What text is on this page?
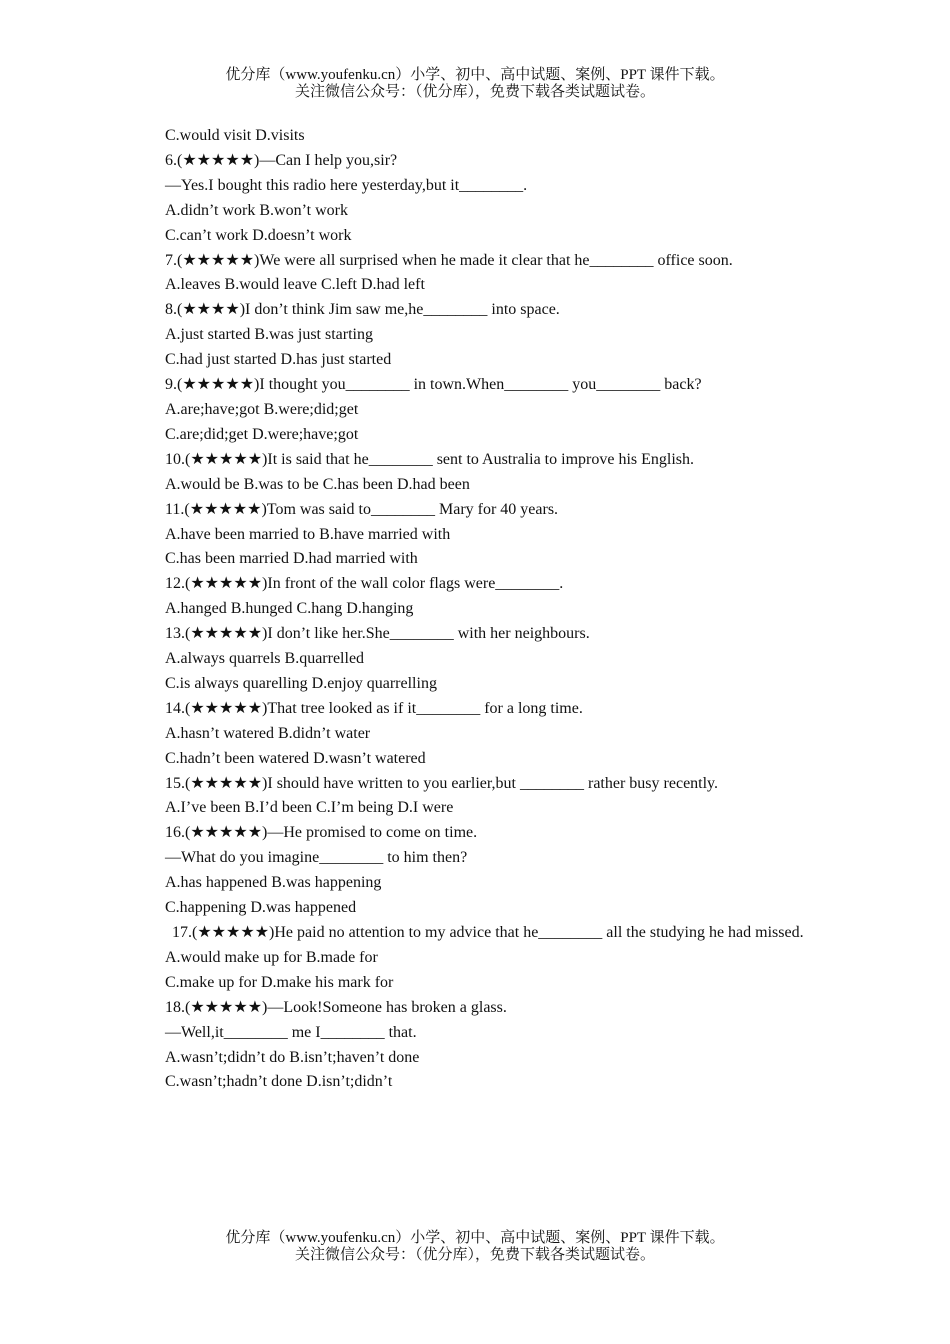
优分库（www.youfenku.cn）小学、初中、高中试题、案例、PPT 课件下载。
关注微信公众号：（优分库），免费下载各类试题试卷。
C.would visit D.visits
6.(★★★★★)—Can I help you,sir?
—Yes.I bought this radio here yesterday,but it________.
A.didn’t work B.won’t work
C.can’t work D.doesn’t work
7.(★★★★★)We were all surprised when he made it clear that he________ office soon.
A.leaves B.would leave C.left D.had left
8.(★★★★)I don’t think Jim saw me,he________ into space.
A.just started B.was just starting
C.had just started D.has just started
9.(★★★★★)I thought you________ in town.When________ you________ back?
A.are;have;got B.were;did;get
C.are;did;get D.were;have;got
10.(★★★★★)It is said that he________ sent to Australia to improve his English.
A.would be B.was to be C.has been D.had been
11.(★★★★★)Tom was said to________ Mary for 40 years.
A.have been married to B.have married with
C.has been married D.had married with
12.(★★★★★)In front of the wall color flags were________.
A.hanged B.hunged C.hang D.hanging
13.(★★★★★)I don’t like her.She________ with her neighbours.
A.always quarrels B.quarrelled
C.is always quarelling D.enjoy quarrelling
14.(★★★★★)That tree looked as if it________ for a long time.
A.hasn’t watered B.didn’t water
C.hadn’t been watered D.wasn’t watered
15.(★★★★★)I should have written to you earlier,but ________ rather busy recently.
A.I’ve been B.I’d been C.I’m being D.I were
16.(★★★★★)—He promised to come on time.
—What do you imagine________ to him then?
A.has happened B.was happening
C.happening D.was happened
17.(★★★★★)He paid no attention to my advice that he________ all the studying he had missed.
A.would make up for B.made for
C.make up for D.make his mark for
18.(★★★★★)—Look!Someone has broken a glass.
—Well,it________ me I________ that.
A.wasn’t;didn’t do B.isn’t;haven’t done
C.wasn’t;hadn’t done D.isn’t;didn’t
优分库（www.youfenku.cn）小学、初中、高中试题、案例、PPT 课件下载。
关注微信公众号：（优分库），免费下载各类试题试卷。
